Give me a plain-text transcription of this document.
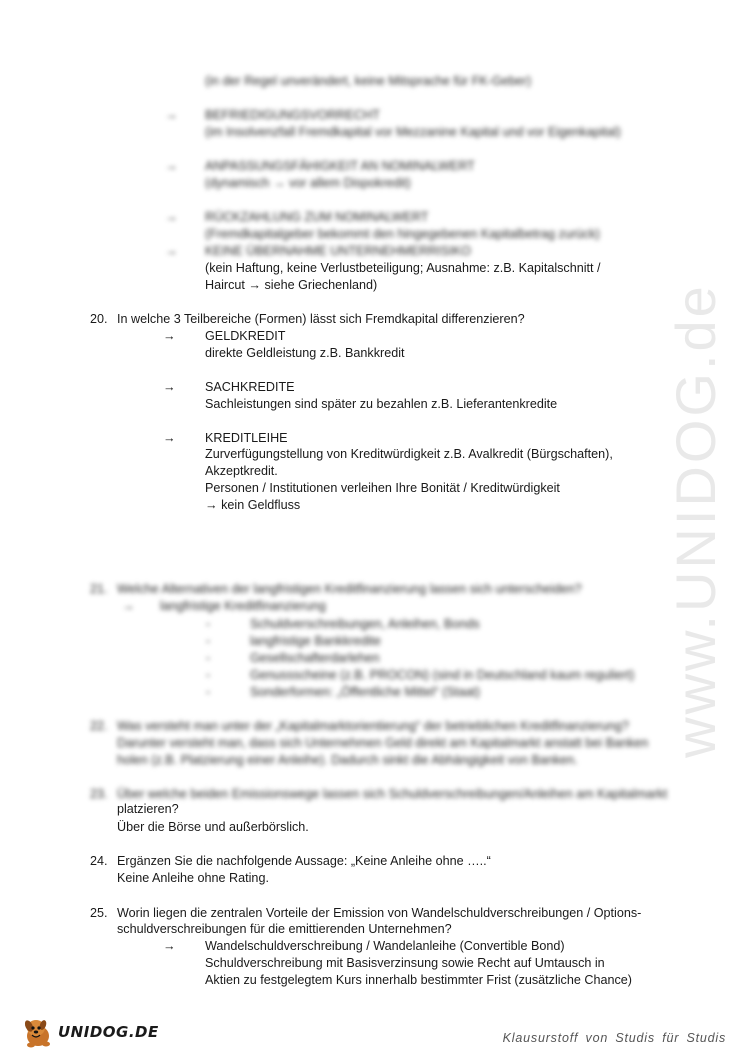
www.UNIDOG.de
(in der Regel unverändert, keine Mitsprache für FK-Geber)
→ BEFRIEDIGUNGSVORRECHT
(im Insolvenzfall Fremdkapital vor Mezzanine Kapital und vor Eigenkapital)
→ ANPASSUNGSFÄHIGKEIT AN NOMINALWERT
(dynamisch → vor allem Dispokredit)
→ RÜCKZAHLUNG ZUM NOMINALWERT
(Fremdkapitalgeber bekommt den hingegebenen Kapitalbetrag zurück)
→ KEINE ÜBERNAHME UNTERNEHMERRISIKO
(kein Haftung, keine Verlustbeteiligung; Ausnahme: z.B. Kapitalschnitt /
Haircut → siehe Griechenland)
20. In welche 3 Teilbereiche (Formen) lässt sich Fremdkapital differenzieren?
→ GELDKREDIT
direkte Geldleistung z.B. Bankkredit
→ SACHKREDITE
Sachleistungen sind später zu bezahlen z.B. Lieferantenkredite
→ KREDITLEIHE
Zurverfügungstellung von Kreditwürdigkeit z.B. Avalkredit (Bürgschaften),
Akzeptkredit.
Personen / Institutionen verleihen Ihre Bonität / Kreditwürdigkeit
→ kein Geldfluss
21. Welche Alternativen der langfristigen Kreditfinanzierung lassen sich unterscheiden?
→ langfristige Kreditfinanzierung
-	Schuldverschreibungen, Anleihen, Bonds
-	langfristige Bankkredite
-	Gesellschafterdarlehen
-	Genussscheine (z.B. PROCON) (sind in Deutschland kaum reguliert)
-	Sonderformen: „Öffentliche Mittel“ (Staat)
22. Was versteht man unter der „Kapitalmarktorientierung“ der betrieblichen Kreditfinanzierung?
Darunter versteht man, dass sich Unternehmen Geld direkt am Kapitalmarkt anstatt bei Banken
holen (z.B. Platzierung einer Anleihe). Dadurch sinkt die Abhängigkeit von Banken.
23. Über welche beiden Emissionswege lassen sich Schuldverschreibungen/Anleihen am Kapitalmarkt
platzieren?
Über die Börse und außerbörslich.
24. Ergänzen Sie die nachfolgende Aussage: „Keine Anleihe ohne …..“
Keine Anleihe ohne Rating.
25. Worin liegen die zentralen Vorteile der Emission von Wandelschuldverschreibungen / Options-
schuldverschreibungen für die emittierenden Unternehmen?
→ Wandelschuldverschreibung / Wandelanleihe (Convertible Bond)
Schuldverschreibung mit Basisverzinsung sowie Recht auf Umtausch in
Aktien zu festgelegtem Kurs innerhalb bestimmter Frist (zusätzliche Chance)
UNIDOG.DE	Klausurstoff von Studis für Studis
